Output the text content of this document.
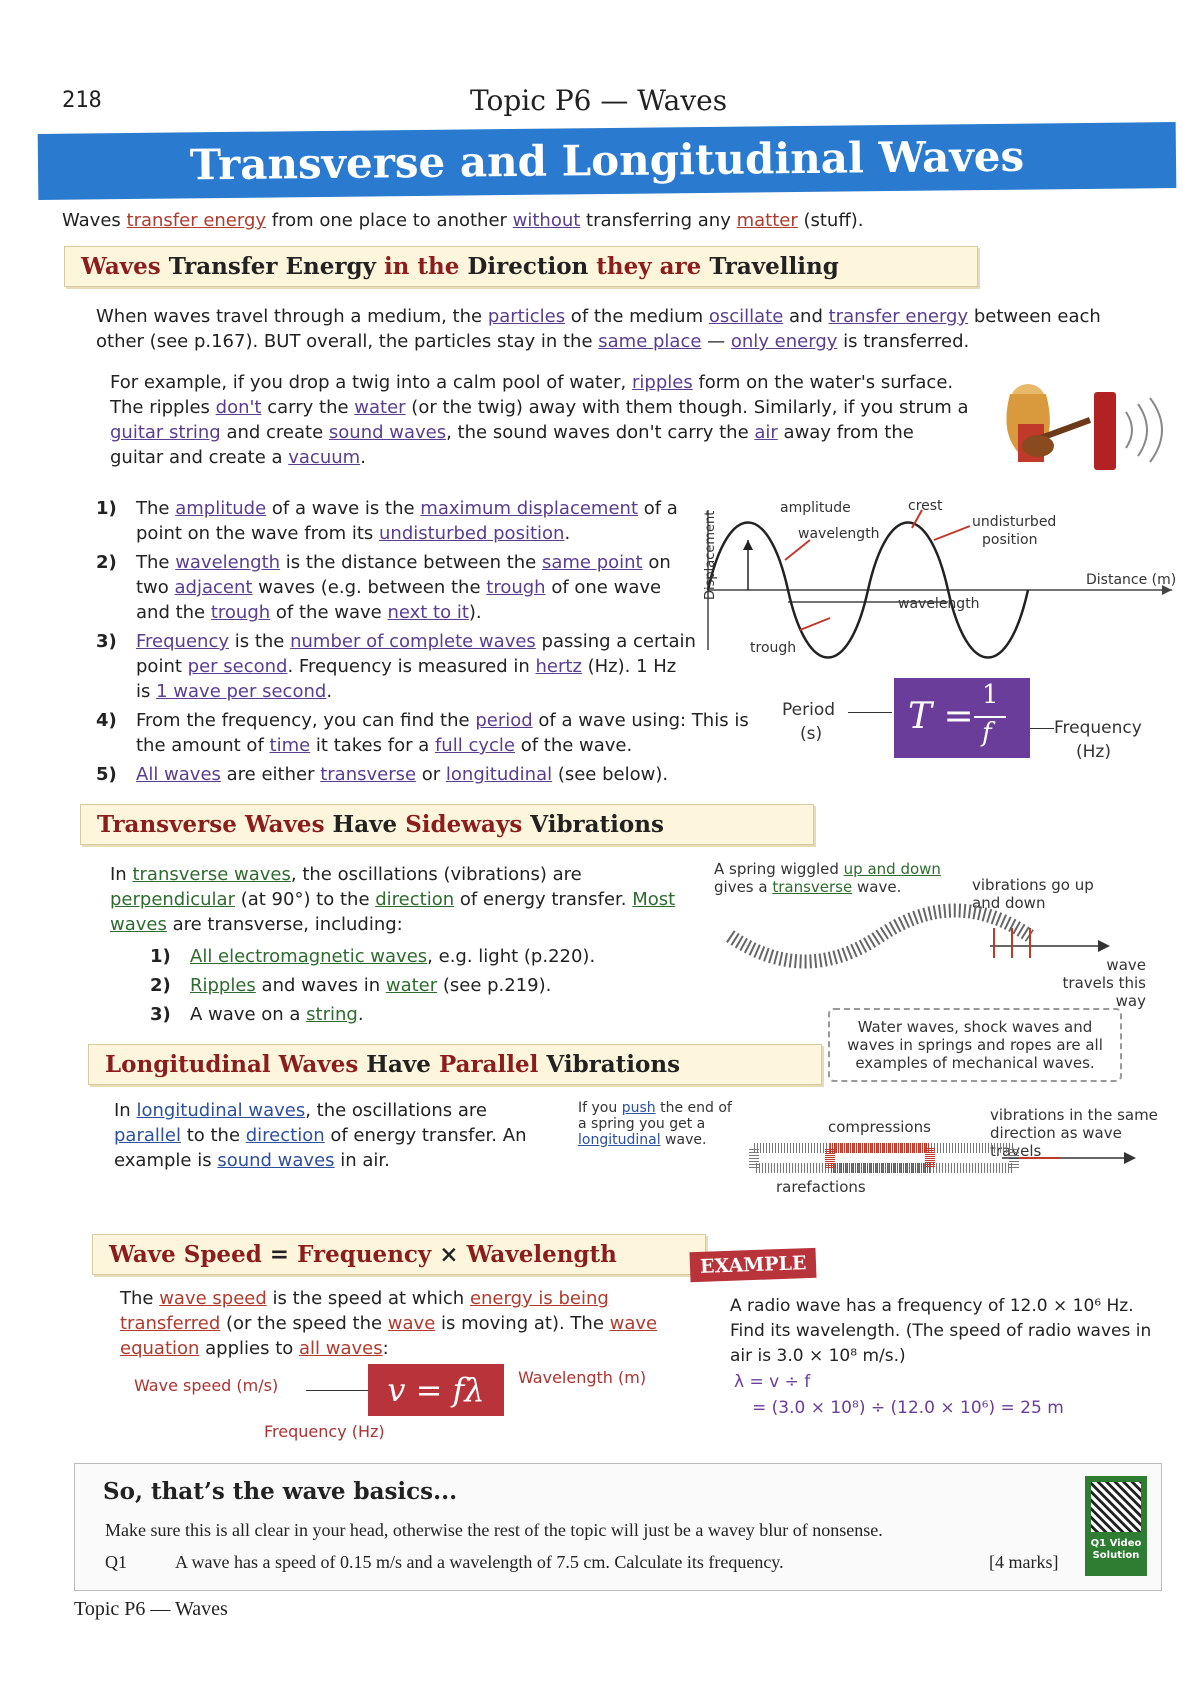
218	Topic P6 — Waves
Transverse and Longitudinal Waves
Waves transfer energy from one place to another without transferring any matter (stuff).
Waves Transfer Energy in the Direction they are Travelling
When waves travel through a medium, the particles of the medium oscillate and transfer energy between each other (see p.167). BUT overall, the particles stay in the same place — only energy is transferred.
For example, if you drop a twig into a calm pool of water, ripples form on the water's surface. The ripples don't carry the water (or the twig) away with them though. Similarly, if you strum a guitar string and create sound waves, the sound waves don't carry the air away from the guitar and create a vacuum.
1)	The amplitude of a wave is the maximum displacement of a point on the wave from its undisturbed position.
2)	The wavelength is the distance between the same point on two adjacent waves (e.g. between the trough of one wave and the trough of the wave next to it).
3)	Frequency is the number of complete waves passing a certain point per second. Frequency is measured in hertz (Hz). 1 Hz is 1 wave per second.
4)	From the frequency, you can find the period of a wave using: This is the amount of time it takes for a full cycle of the wave.
5)	All waves are either transverse or longitudinal (see below).
Displacement
amplitude
wavelength
crest
undisturbed
position
Distance (m)
wavelength
trough
Period
(s) T =
1
f	Frequency
(Hz)
Transverse Waves Have Sideways Vibrations
In transverse waves, the oscillations (vibrations) are perpendicular (at 90°) to the direction of energy transfer. Most waves are transverse, including:
1)	All electromagnetic waves, e.g. light (p.220).
2)	Ripples and waves in water (see p.219).
3)	A wave on a string.
A spring wiggled up and down gives a transverse wave.	vibrations go up and down
wave travels this way
Water waves, shock waves and waves in springs and ropes are all examples of mechanical waves.
Longitudinal Waves Have Parallel Vibrations
In longitudinal waves, the oscillations are parallel to the direction of energy transfer. An example is sound waves in air.
If you push the end of a spring you get a longitudinal wave.
compressions
vibrations in the same direction as wave travels
rarefactions
Wave Speed = Frequency × Wavelength
The wave speed is the speed at which energy is being transferred (or the speed the wave is moving at). The wave equation applies to all waves:
Wave speed (m/s)	v = fλ	Wavelength (m)
Frequency (Hz)
EXAMPLE
A radio wave has a frequency of 12.0 × 10⁶ Hz. Find its wavelength. (The speed of radio waves in air is 3.0 × 10⁸ m/s.)
λ = v ÷ f
= (3.0 × 10⁸) ÷ (12.0 × 10⁶) = 25 m
So, that’s the wave basics...
Make sure this is all clear in your head, otherwise the rest of the topic will just be a wavey blur of nonsense.
Q1	A wave has a speed of 0.15 m/s and a wavelength of 7.5 cm. Calculate its frequency.	[4 marks]
Q1 Video Solution
Topic P6 — Waves
